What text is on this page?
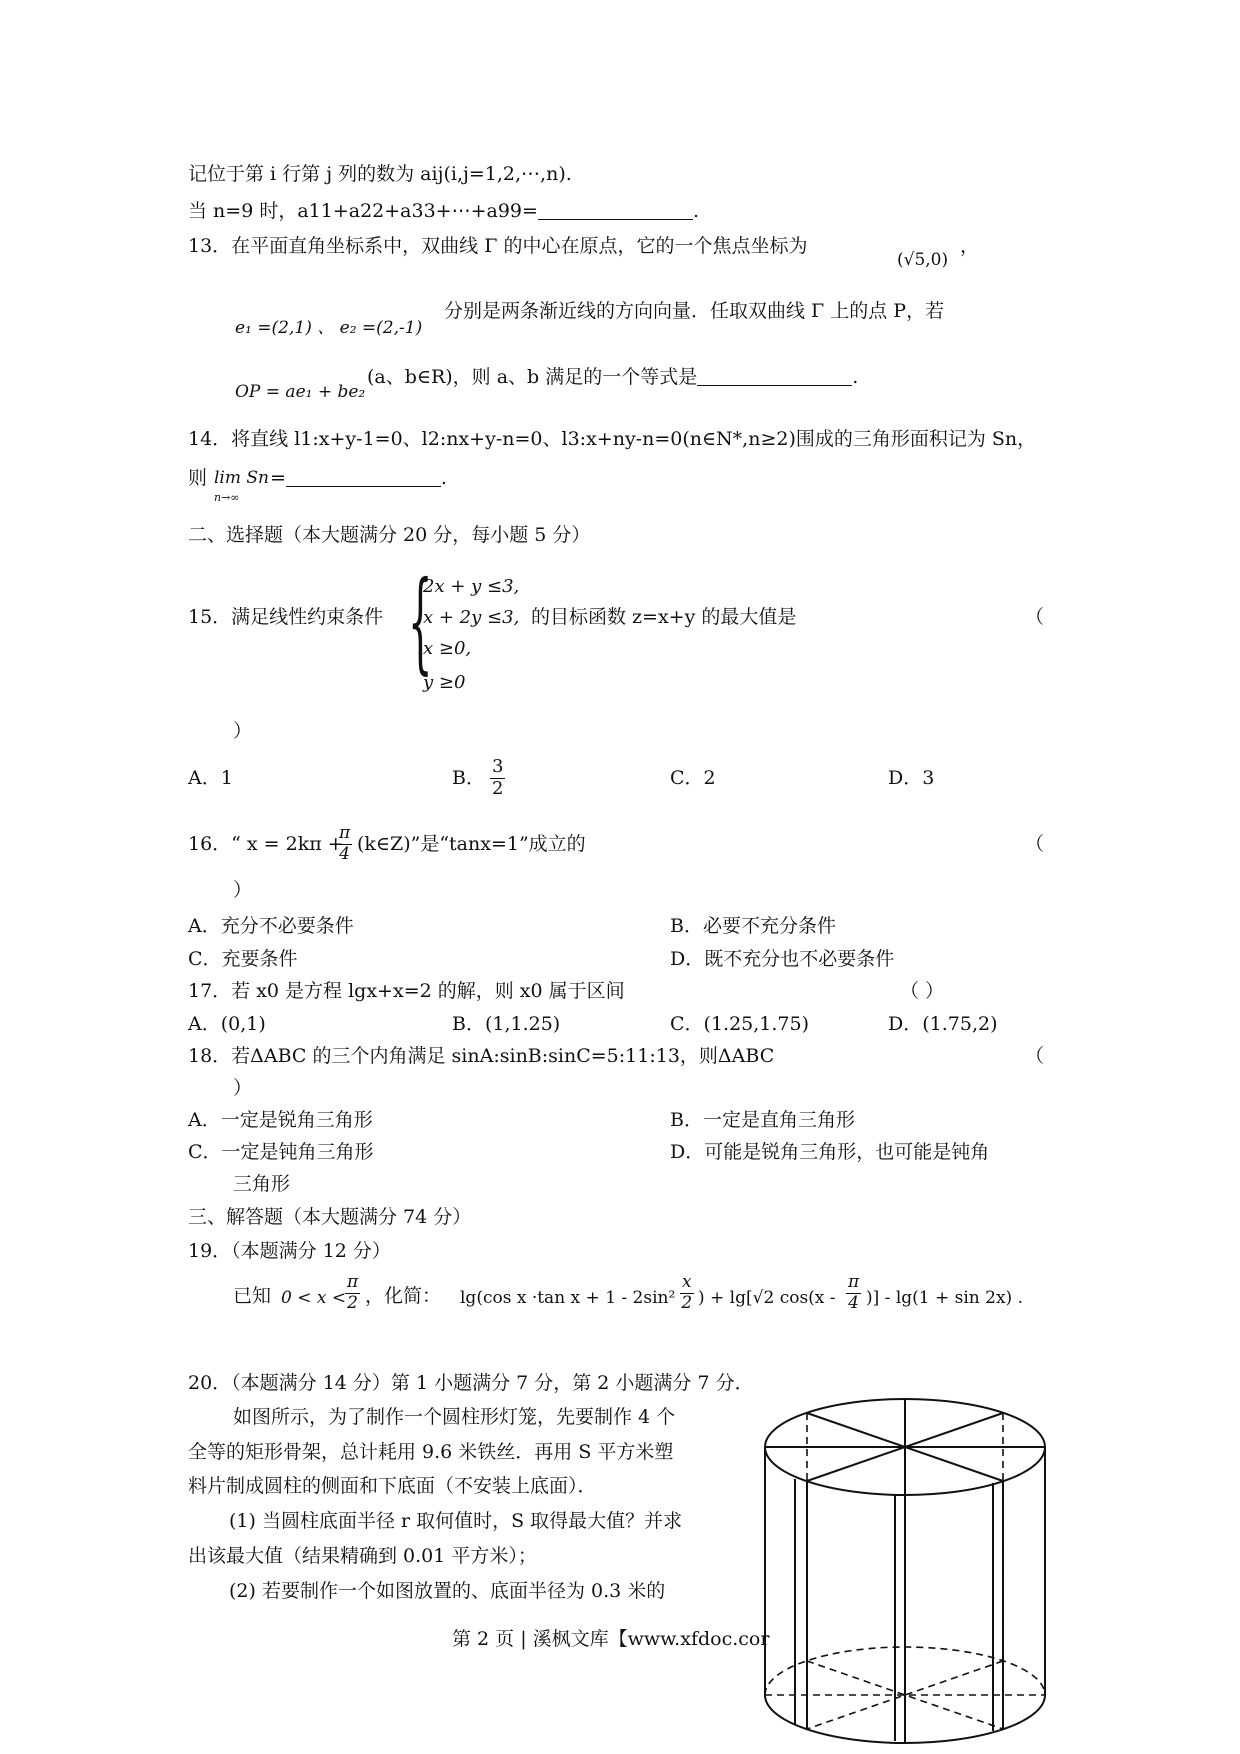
记位于第 i 行第 j 列的数为 aij(i,j=1,2,⋯,n).
当 n=9 时，a11+a22+a33+⋯+a99=	.
13．在平面直角坐标系中，双曲线 Γ 的中心在原点，它的一个焦点坐标为
(√5,0)
，
e₁ =(2,1) 、 e₂ =(2,-1)
分别是两条渐近线的方向向量．任取双曲线 Γ 上的点 P，若
OP = ae₁ + be₂
(a、b∈R)，则 a、b 满足的一个等式是	.
14．将直线 l1:x+y-1=0、l2:nx+y-n=0、l3:x+ny-n=0(n∈N*,n≥2)围成的三角形面积记为 Sn，
则 lim Sn
n→∞
=	.
二、选择题（本大题满分 20 分，每小题 5 分）
15．满足线性约束条件 {
2x + y ≤3,
x + 2y ≤3,
x ≥0,
y ≥0
的目标函数 z=x+y 的最大值是	（
）
A．1	B． $\frac{3}{2}$	C．2	D．3
16．“ x = 2kπ +
$\frac{\pi}{4}$ (k∈Z)”是“tanx=1”成立的	（
）
A．充分不必要条件	B．必要不充分条件
C．充要条件	D．既不充分也不必要条件
17．若 x0 是方程 lgx+x=2 的解，则 x0 属于区间	（ ）
A．(0,1)	B．(1,1.25)	C．(1.25,1.75)	D．(1.75,2)
18．若ΔABC 的三个内角满足 sinA:sinB:sinC=5:11:13，则ΔABC	（
）
A．一定是锐角三角形	B．一定是直角三角形
C．一定是钝角三角形	D．可能是锐角三角形，也可能是钝角
三角形
三、解答题（本大题满分 74 分）
19．（本题满分 12 分）
已知 0 < x <
$\frac{\pi}{2}$ ，化简： lg(cos x ·tan $x + 1 - 2\sin^2 \frac{x}{2}$ ) + lg[√2 $\cos(x - \frac{\pi}{4}$ )] - lg(1 + sin 2x) .
20．（本题满分 14 分）第 1 小题满分 7 分，第 2 小题满分 7 分．
如图所示，为了制作一个圆柱形灯笼，先要制作 4 个
全等的矩形骨架，总计耗用 9.6 米铁丝．再用 S 平方米塑
料片制成圆柱的侧面和下底面（不安装上底面）．
(1) 当圆柱底面半径 r 取何值时，S 取得最大值？并求
出该最大值（结果精确到 0.01 平方米）；
(2) 若要制作一个如图放置的、底面半径为 0.3 米的
第 2 页 | 溪枫文库【www.xfdoc.cor
